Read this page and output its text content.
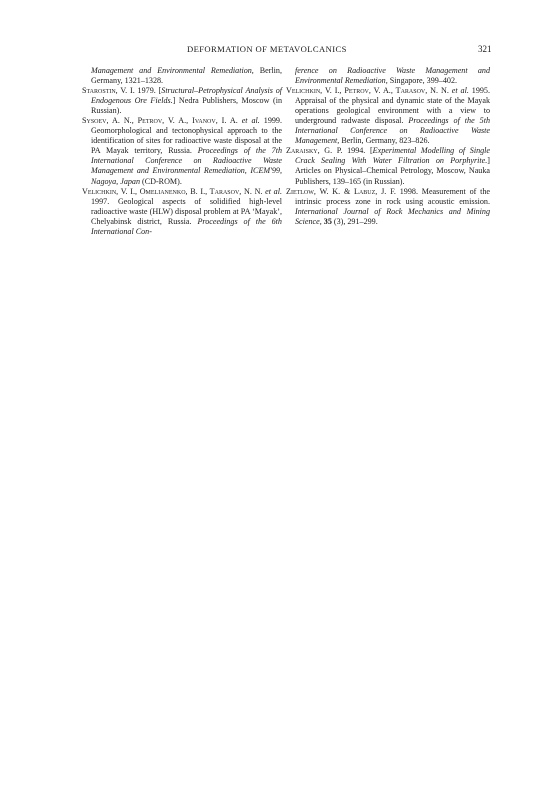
DEFORMATION OF METAVOLCANICS	321

Management and Environmental Remediation, Berlin, Germany, 1321–1328.

Starostin, V. I. 1979. [Structural–Petrophysical Analysis of Endogenous Ore Fields.] Nedra Publishers, Moscow (in Russian).

Sysoev, A. N., Petrov, V. A., Ivanov, I. A. et al. 1999. Geomorphological and tectonophysical approach to the identification of sites for radioactive waste disposal at the PA Mayak territory, Russia. Proceedings of the 7th International Conference on Radioactive Waste Management and Environmental Remediation, ICEM'99, Nagoya, Japan (CD-ROM).

Velichkin, V. I., Omelianenko, B. I., Tarasov, N. N. et al. 1997. Geological aspects of solidified high-level radioactive waste (HLW) disposal problem at PA ‘Mayak’, Chelyabinsk district, Russia. Proceedings of the 6th International Con-

ference on Radioactive Waste Management and Environmental Remediation, Singapore, 399–402.

Velichkin, V. I., Petrov, V. A., Tarasov, N. N. et al. 1995. Appraisal of the physical and dynamic state of the Mayak operations geological environment with a view to underground radwaste disposal. Proceedings of the 5th International Conference on Radioactive Waste Management, Berlin, Germany, 823–826.

Zaraisky, G. P. 1994. [Experimental Modelling of Single Crack Sealing With Water Filtration on Porphyrite.] Articles on Physical–Chemical Petrology, Moscow, Nauka Publishers, 139–165 (in Russian).

Zietlow, W. K. & Labuz, J. F. 1998. Measurement of the intrinsic process zone in rock using acoustic emission. International Journal of Rock Mechanics and Mining Science, 35 (3), 291–299.
